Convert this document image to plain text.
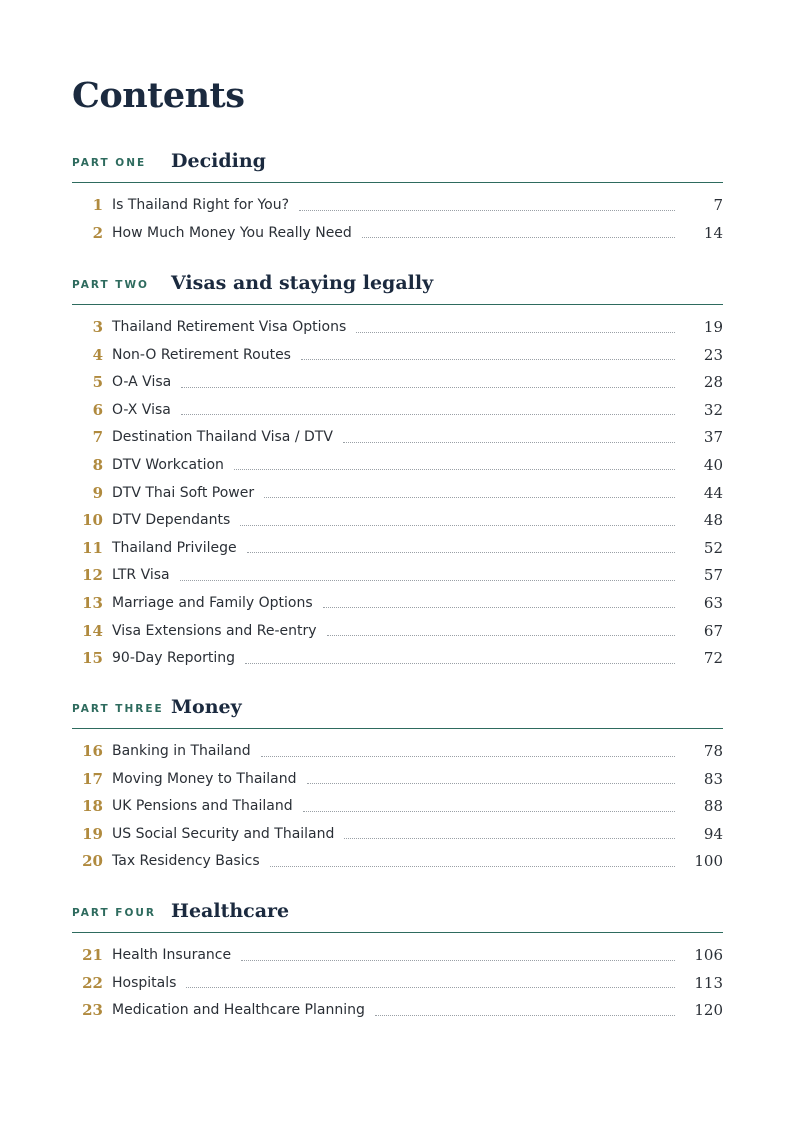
Contents
PART ONE Deciding
1 Is Thailand Right for You?	7
2 How Much Money You Really Need	14
PART TWO Visas and staying legally
3 Thailand Retirement Visa Options	19
4 Non-O Retirement Routes	23
5 O-A Visa	28
6 O-X Visa	32
7 Destination Thailand Visa / DTV	37
8 DTV Workcation	40
9 DTV Thai Soft Power	44
10 DTV Dependants	48
11 Thailand Privilege	52
12 LTR Visa	57
13 Marriage and Family Options	63
14 Visa Extensions and Re-entry	67
15 90-Day Reporting	72
PART THREE Money
16 Banking in Thailand	78
17 Moving Money to Thailand	83
18 UK Pensions and Thailand	88
19 US Social Security and Thailand	94
20 Tax Residency Basics	100
PART FOUR Healthcare
21 Health Insurance	106
22 Hospitals	113
23 Medication and Healthcare Planning	120
